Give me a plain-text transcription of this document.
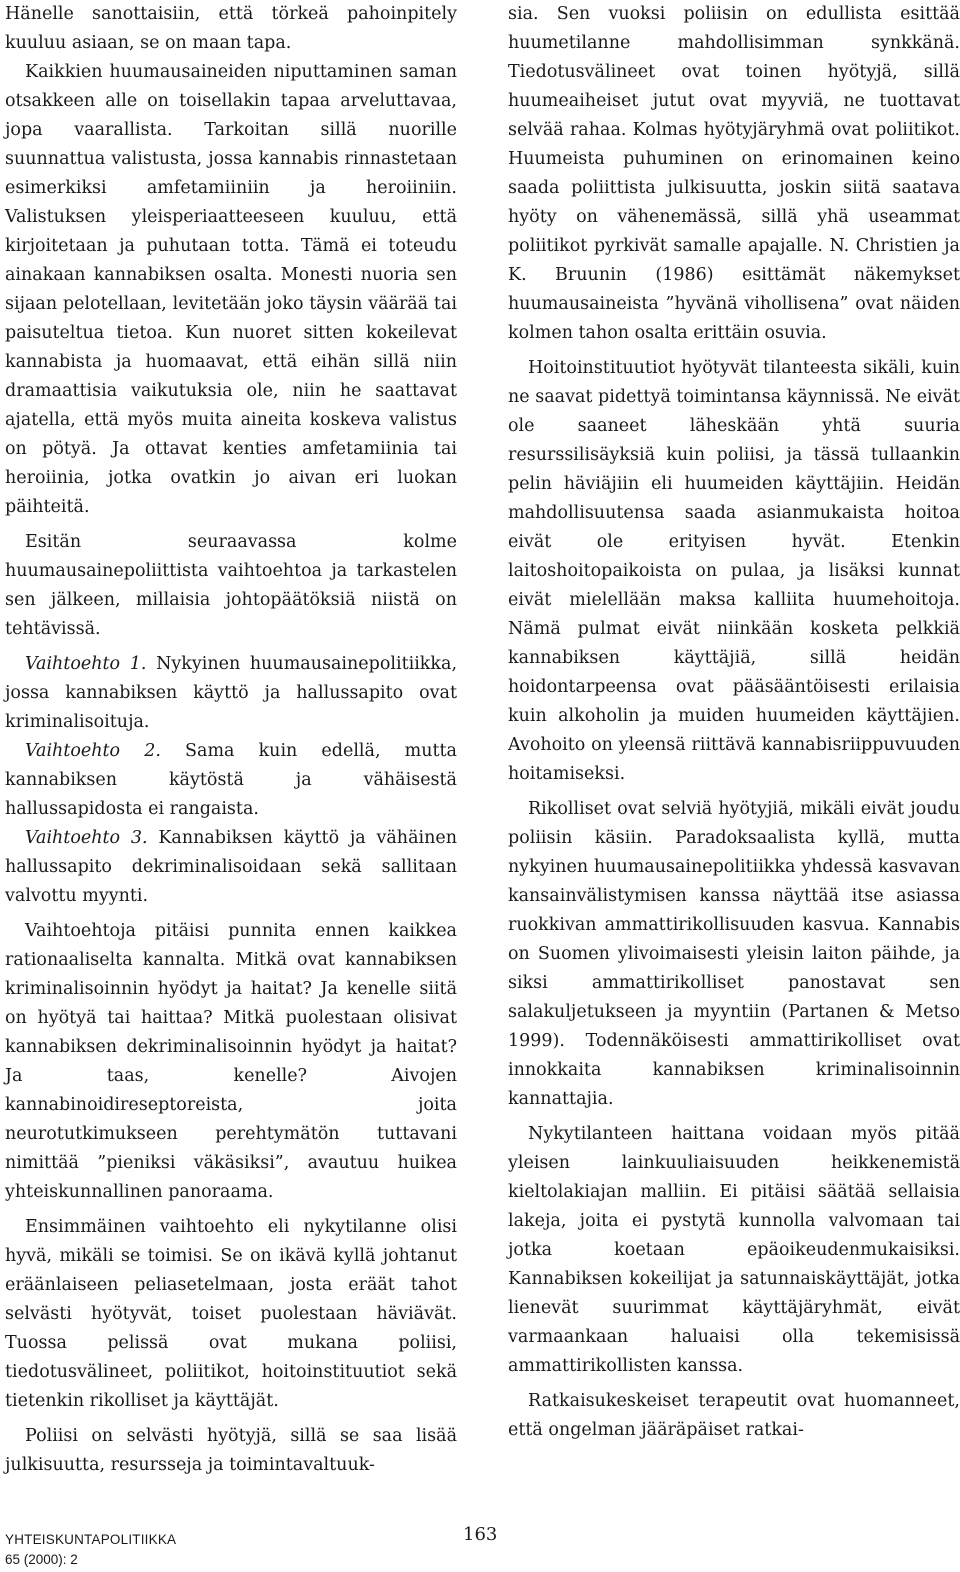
Hänelle sanottaisiin, että törkeä pahoinpitely kuuluu asiaan, se on maan tapa.

Kaikkien huumausaineiden niputtaminen saman otsakkeen alle on toisellakin tapaa arveluttavaa, jopa vaarallista. Tarkoitan sillä nuorille suunnattua valistusta, jossa kannabis rinnastetaan esimerkiksi amfetamiiniin ja heroiiniin. Valistuksen yleisperiaatteeseen kuuluu, että kirjoitetaan ja puhutaan totta. Tämä ei toteudu ainakaan kannabiksen osalta. Monesti nuoria sen sijaan pelotellaan, levitetään joko täysin väärää tai paisuteltua tietoa. Kun nuoret sitten kokeilevat kannabista ja huomaavat, että eihän sillä niin dramaattisia vaikutuksia ole, niin he saattavat ajatella, että myös muita aineita koskeva valistus on pötyä. Ja ottavat kenties amfetamiinia tai heroiinia, jotka ovatkin jo aivan eri luokan päihteitä.

Esitän seuraavassa kolme huumausainepoliittista vaihtoehtoa ja tarkastelen sen jälkeen, millaisia johtopäätöksiä niistä on tehtävissä.

Vaihtoehto 1. Nykyinen huumausainepolitiikka, jossa kannabiksen käyttö ja hallussapito ovat kriminalisoituja.

Vaihtoehto 2. Sama kuin edellä, mutta kannabiksen käytöstä ja vähäisestä hallussapidosta ei rangaista.

Vaihtoehto 3. Kannabiksen käyttö ja vähäinen hallussapito dekriminalisoidaan sekä sallitaan valvottu myynti.

Vaihtoehtoja pitäisi punnita ennen kaikkea rationaaliselta kannalta. Mitkä ovat kannabiksen kriminalisoinnin hyödyt ja haitat? Ja kenelle siitä on hyötyä tai haittaa? Mitkä puolestaan olisivat kannabiksen dekriminalisoinnin hyödyt ja haitat? Ja taas, kenelle? Aivojen kannabinoidireseptoreista, joita neurotutkimukseen perehtymätön tuttavani nimittää ”pieniksi väkäsiksi”, avautuu huikea yhteiskunnallinen panoraama.

Ensimmäinen vaihtoehto eli nykytilanne olisi hyvä, mikäli se toimisi. Se on ikävä kyllä johtanut eräänlaiseen peliasetelmaan, josta eräät tahot selvästi hyötyvät, toiset puolestaan häviävät. Tuossa pelissä ovat mukana poliisi, tiedotusvälineet, poliitikot, hoitoinstituutiot sekä tietenkin rikolliset ja käyttäjät.

Poliisi on selvästi hyötyjä, sillä se saa lisää julkisuutta, resursseja ja toimintavaltuuk-

sia. Sen vuoksi poliisin on edullista esittää huumetilanne mahdollisimman synkkänä. Tiedotusvälineet ovat toinen hyötyjä, sillä huumeaiheiset jutut ovat myyviä, ne tuottavat selvää rahaa. Kolmas hyötyjäryhmä ovat poliitikot. Huumeista puhuminen on erinomainen keino saada poliittista julkisuutta, joskin siitä saatava hyöty on vähenemässä, sillä yhä useammat poliitikot pyrkivät samalle apajalle. N. Christien ja K. Bruunin (1986) esittämät näkemykset huumausaineista ”hyvänä vihollisena” ovat näiden kolmen tahon osalta erittäin osuvia.

Hoitoinstituutiot hyötyvät tilanteesta sikäli, kuin ne saavat pidettyä toimintansa käynnissä. Ne eivät ole saaneet läheskään yhtä suuria resurssilisäyksiä kuin poliisi, ja tässä tullaankin pelin häviäjiin eli huumeiden käyttäjiin. Heidän mahdollisuutensa saada asianmukaista hoitoa eivät ole erityisen hyvät. Etenkin laitoshoitopaikoista on pulaa, ja lisäksi kunnat eivät mielellään maksa kalliita huumehoitoja. Nämä pulmat eivät niinkään kosketa pelkkiä kannabiksen käyttäjiä, sillä heidän hoidontarpeensa ovat pääsääntöisesti erilaisia kuin alkoholin ja muiden huumeiden käyttäjien. Avohoito on yleensä riittävä kannabisriippuvuuden hoitamiseksi.

Rikolliset ovat selviä hyötyjiä, mikäli eivät joudu poliisin käsiin. Paradoksaalista kyllä, mutta nykyinen huumausainepolitiikka yhdessä kasvavan kansainvälistymisen kanssa näyttää itse asiassa ruokkivan ammattirikollisuuden kasvua. Kannabis on Suomen ylivoimaisesti yleisin laiton päihde, ja siksi ammattirikolliset panostavat sen salakuljetukseen ja myyntiin (Partanen & Metso 1999). Todennäköisesti ammattirikolliset ovat innokkaita kannabiksen kriminalisoinnin kannattajia.

Nykytilanteen haittana voidaan myös pitää yleisen lainkuuliaisuuden heikkenemistä kieltolakiajan malliin. Ei pitäisi säätää sellaisia lakeja, joita ei pystytä kunnolla valvomaan tai jotka koetaan epäoikeudenmukaisiksi. Kannabiksen kokeilijat ja satunnaiskäyttäjät, jotka lienevät suurimmat käyttäjäryhmät, eivät varmaankaan haluaisi olla tekemisissä ammattirikollisten kanssa.

Ratkaisukeskeiset terapeutit ovat huomanneet, että ongelman jääräpäiset ratkai-

YHTEISKUNTAPOLITIIKKA
65 (2000): 2
163
